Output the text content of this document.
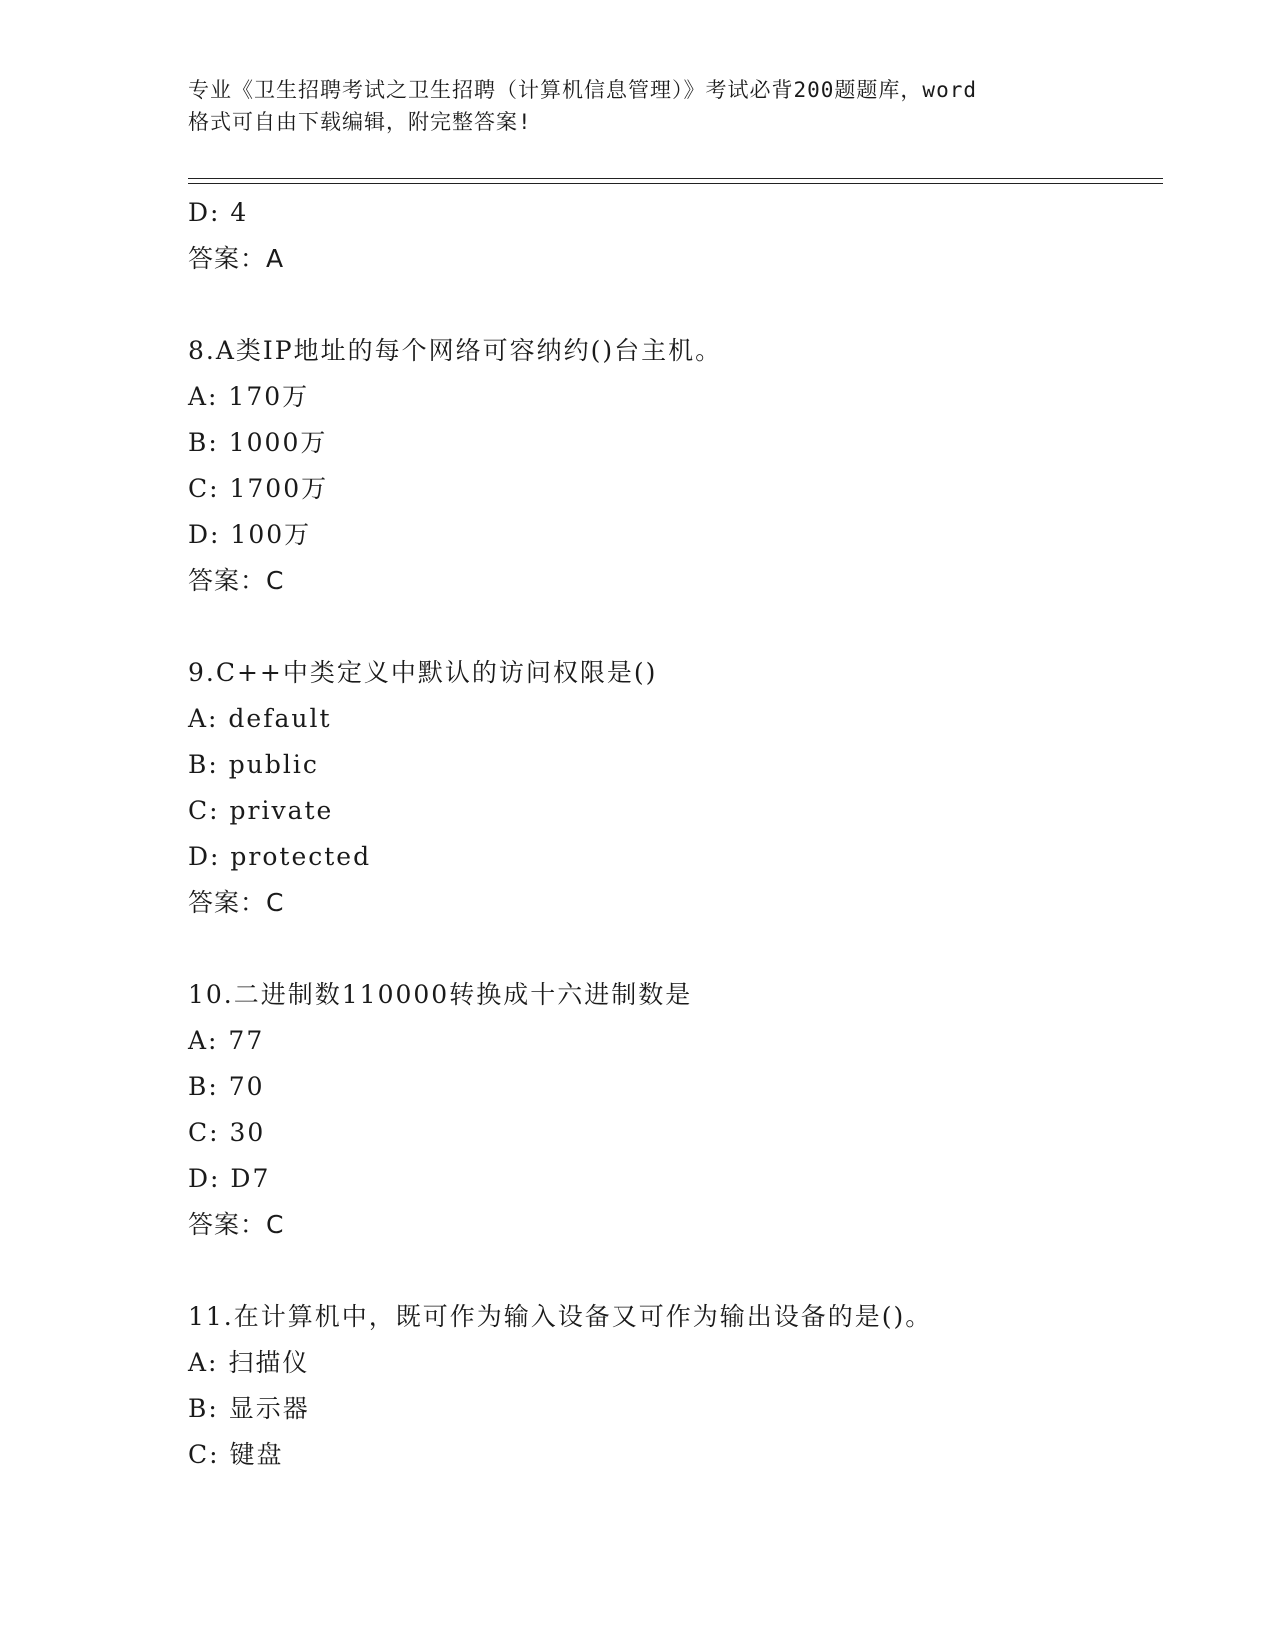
专业《卫生招聘考试之卫生招聘（计算机信息管理）》考试必背200题题库，word
格式可自由下载编辑，附完整答案!
D: 4
答案：A
8.A类IP地址的每个网络可容纳约()台主机。
A: 170万
B: 1000万
C: 1700万
D: 100万
答案：C
9.C++中类定义中默认的访问权限是()
A: default
B: public
C: private
D: protected
答案：C
10.二进制数110000转换成十六进制数是
A: 77
B: 70
C: 30
D: D7
答案：C
11.在计算机中，既可作为输入设备又可作为输出设备的是()。
A: 扫描仪
B: 显示器
C: 键盘
